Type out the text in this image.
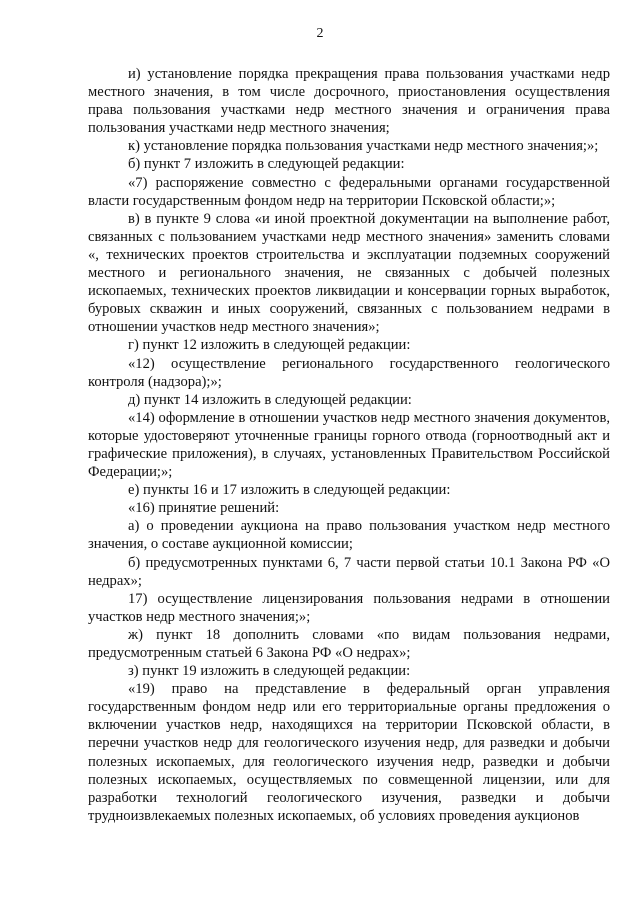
2

и) установление порядка прекращения права пользования участками недр местного значения, в том числе досрочного, приостановления осуществления права пользования участками недр местного значения и ограничения права пользования участками недр местного значения;

к) установление порядка пользования участками недр местного значения;»;

б) пункт 7 изложить в следующей редакции:

«7) распоряжение совместно с федеральными органами государственной власти государственным фондом недр на территории Псковской области;»;

в) в пункте 9 слова «и иной проектной документации на выполнение работ, связанных с пользованием участками недр местного значения» заменить словами «, технических проектов строительства и эксплуатации подземных сооружений местного и регионального значения, не связанных с добычей полезных ископаемых, технических проектов ликвидации и консервации горных выработок, буровых скважин и иных сооружений, связанных с пользованием недрами в отношении участков недр местного значения»;

г) пункт 12 изложить в следующей редакции:

«12) осуществление регионального государственного геологического контроля (надзора);»;

д) пункт 14 изложить в следующей редакции:

«14) оформление в отношении участков недр местного значения документов, которые удостоверяют уточненные границы горного отвода (горноотводный акт и графические приложения), в случаях, установленных Правительством Российской Федерации;»;

е) пункты 16 и 17 изложить в следующей редакции:

«16) принятие решений:

а) о проведении аукциона на право пользования участком недр местного значения, о составе аукционной комиссии;

б) предусмотренных пунктами 6, 7 части первой статьи 10.1 Закона РФ «О недрах»;

17) осуществление лицензирования пользования недрами в отношении участков недр местного значения;»;

ж) пункт 18 дополнить словами «по видам пользования недрами, предусмотренным статьей 6 Закона РФ «О недрах»;

з) пункт 19 изложить в следующей редакции:

«19) право на представление в федеральный орган управления государственным фондом недр или его территориальные органы предложения о включении участков недр, находящихся на территории Псковской области, в перечни участков недр для геологического изучения недр, для разведки и добычи полезных ископаемых, для геологического изучения недр, разведки и добычи полезных ископаемых, осуществляемых по совмещенной лицензии, или для разработки технологий геологического изучения, разведки и добычи трудноизвлекаемых полезных ископаемых, об условиях проведения аукционов
